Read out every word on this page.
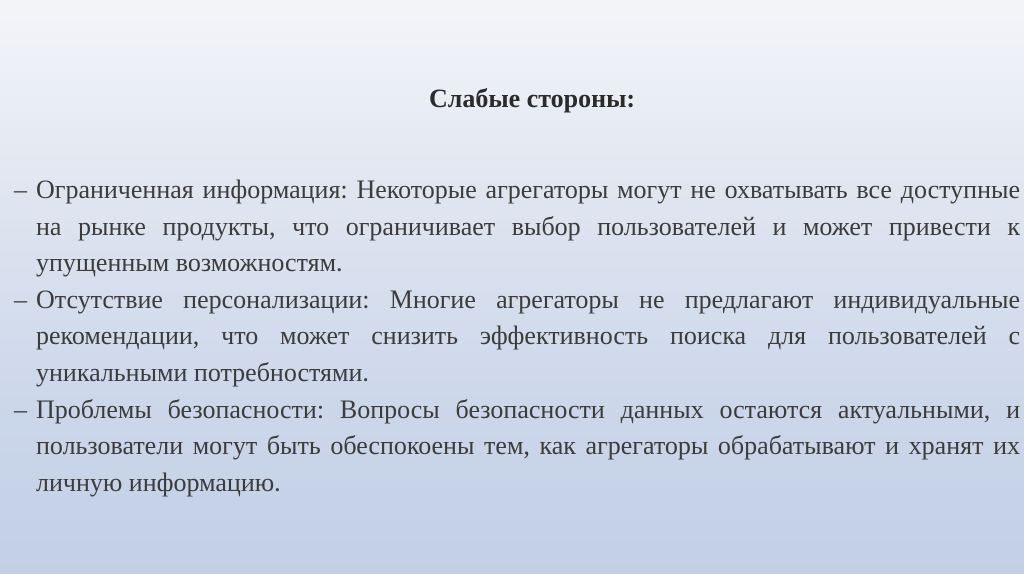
Слабые стороны:
– Ограниченная информация: Некоторые агрегаторы могут не охватывать все доступные на рынке продукты, что ограничивает выбор пользователей и может привести к упущенным возможностям.
– Отсутствие персонализации: Многие агрегаторы не предлагают индивидуальные рекомендации, что может снизить эффективность поиска для пользователей с уникальными потребностями.
– Проблемы безопасности: Вопросы безопасности данных остаются актуальными, и пользователи могут быть обеспокоены тем, как агрегаторы обрабатывают и хранят их личную информацию.
